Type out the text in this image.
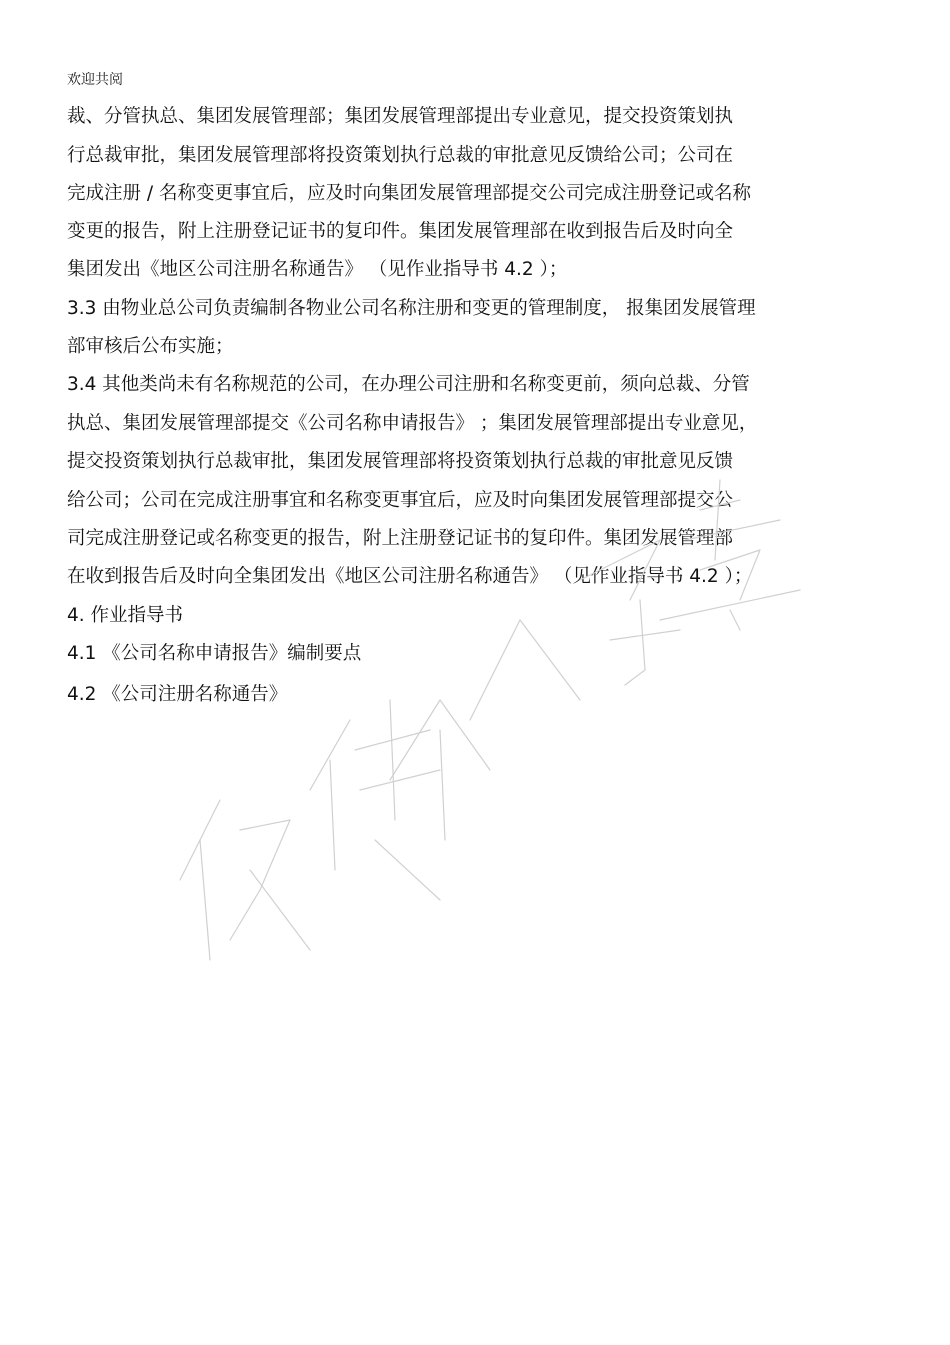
欢迎共阅
裁、分管执总、集团发展管理部；集团发展管理部提出专业意见，提交投资策划执
行总裁审批，集团发展管理部将投资策划执行总裁的审批意见反馈给公司；公司在
完成注册 / 名称变更事宜后，应及时向集团发展管理部提交公司完成注册登记或名称
变更的报告，附上注册登记证书的复印件。集团发展管理部在收到报告后及时向全
集团发出《地区公司注册名称通告》 （见作业指导书 4.2 ）；
3.3 由物业总公司负责编制各物业公司名称注册和变更的管理制度， 报集团发展管理
部审核后公布实施；
3.4 其他类尚未有名称规范的公司，在办理公司注册和名称变更前，须向总裁、分管
执总、集团发展管理部提交《公司名称申请报告》 ；集团发展管理部提出专业意见，
提交投资策划执行总裁审批，集团发展管理部将投资策划执行总裁的审批意见反馈
给公司；公司在完成注册事宜和名称变更事宜后，应及时向集团发展管理部提交公
司完成注册登记或名称变更的报告，附上注册登记证书的复印件。集团发展管理部
在收到报告后及时向全集团发出《地区公司注册名称通告》 （见作业指导书 4.2 ）；
4. 作业指导书
4.1 《公司名称申请报告》编制要点
4.2 《公司注册名称通告》
